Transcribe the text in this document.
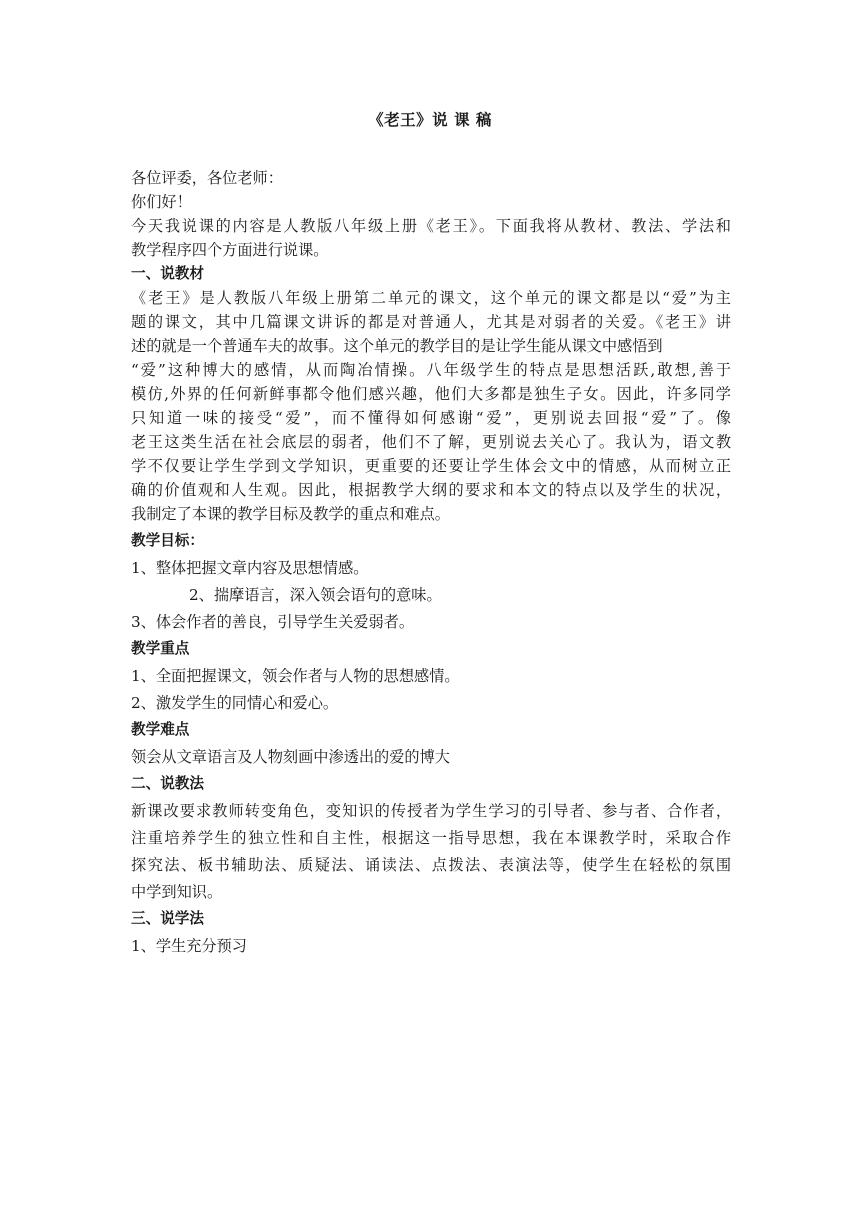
《老王》说 课 稿
各位评委，各位老师：
你们好！
今天我说课的内容是人教版八年级上册《老王》。下面我将从教材、教法、学法和
教学程序四个方面进行说课。
一、说教材
《老王》是人教版八年级上册第二单元的课文，这个单元的课文都是以“爱”为主
题的课文，其中几篇课文讲诉的都是对普通人，尤其是对弱者的关爱。《老王》讲
述的就是一个普通车夫的故事。这个单元的教学目的是让学生能从课文中感悟到
“爱”这种博大的感情，从而陶冶情操。八年级学生的特点是思想活跃,敢想,善于
模仿,外界的任何新鲜事都令他们感兴趣，他们大多都是独生子女。因此，许多同学
只知道一味的接受“爱”，而不懂得如何感谢“爱”，更别说去回报“爱”了。像
老王这类生活在社会底层的弱者，他们不了解，更别说去关心了。我认为，语文教
学不仅要让学生学到文学知识，更重要的还要让学生体会文中的情感，从而树立正
确的价值观和人生观。因此，根据教学大纲的要求和本文的特点以及学生的状况，
我制定了本课的教学目标及教学的重点和难点。
教学目标：
1、整体把握文章内容及思想情感。
2、揣摩语言，深入领会语句的意味。
3、体会作者的善良，引导学生关爱弱者。
教学重点
1、全面把握课文，领会作者与人物的思想感情。
2、激发学生的同情心和爱心。
教学难点
领会从文章语言及人物刻画中渗透出的爱的博大
二、说教法
新课改要求教师转变角色，变知识的传授者为学生学习的引导者、参与者、合作者，
注重培养学生的独立性和自主性，根据这一指导思想，我在本课教学时，采取合作
探究法、板书辅助法、质疑法、诵读法、点拨法、表演法等，使学生在轻松的氛围
中学到知识。
三、说学法
1、学生充分预习
